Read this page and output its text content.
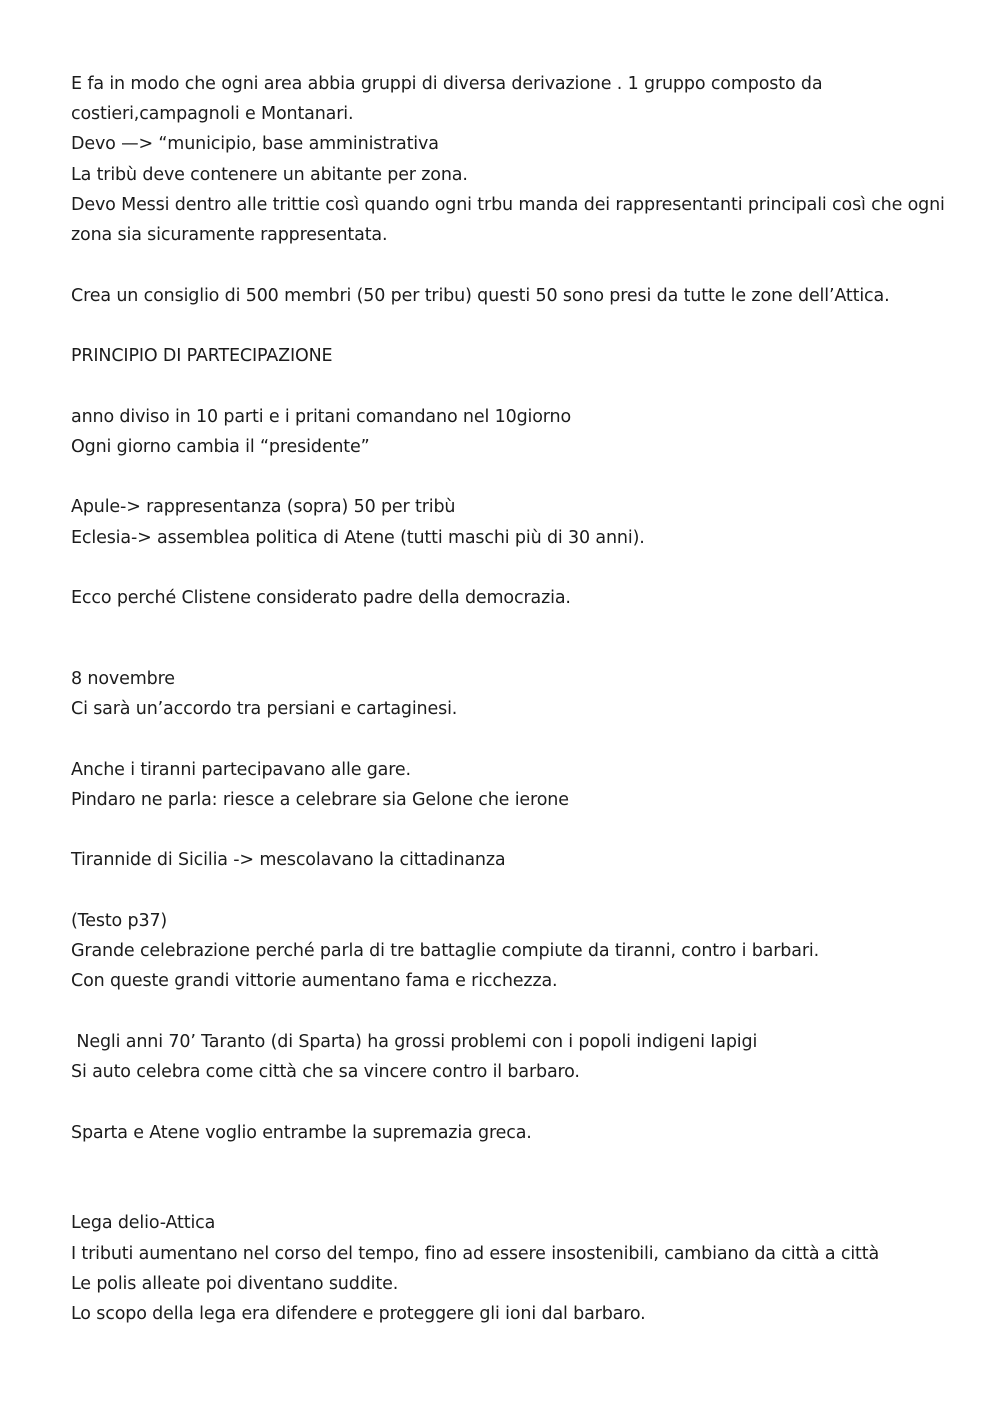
E fa in modo che ogni area abbia gruppi di diversa derivazione . 1 gruppo composto da

costieri,campagnoli e Montanari.

Devo —> “municipio, base amministrativa

La tribù deve contenere un abitante per zona.

Devo Messi dentro alle trittie così quando ogni trbu manda dei rappresentanti principali così che ogni

zona sia sicuramente rappresentata.

Crea un consiglio di 500 membri (50 per tribu) questi 50 sono presi da tutte le zone dell’Attica.

PRINCIPIO DI PARTECIPAZIONE

anno diviso in 10 parti e i pritani comandano nel 10giorno

Ogni giorno cambia il “presidente”

Apule-> rappresentanza (sopra) 50 per tribù

Eclesia-> assemblea politica di Atene (tutti maschi più di 30 anni).

Ecco perché Clistene considerato padre della democrazia.

8 novembre

Ci sarà un’accordo tra persiani e cartaginesi.

Anche i tiranni partecipavano alle gare.

Pindaro ne parla: riesce a celebrare sia Gelone che ierone

Tirannide di Sicilia -> mescolavano la cittadinanza

(Testo p37)

Grande celebrazione perché parla di tre battaglie compiute da tiranni, contro i barbari.

Con queste grandi vittorie aumentano fama e ricchezza.

Negli anni 70’ Taranto (di Sparta) ha grossi problemi con i popoli indigeni Iapigi

Si auto celebra come città che sa vincere contro il barbaro.

Sparta e Atene voglio entrambe la supremazia greca.

Lega delio-Attica

I tributi aumentano nel corso del tempo, fino ad essere insostenibili, cambiano da città a città

Le polis alleate poi diventano suddite.

Lo scopo della lega era difendere e proteggere gli ioni dal barbaro.
